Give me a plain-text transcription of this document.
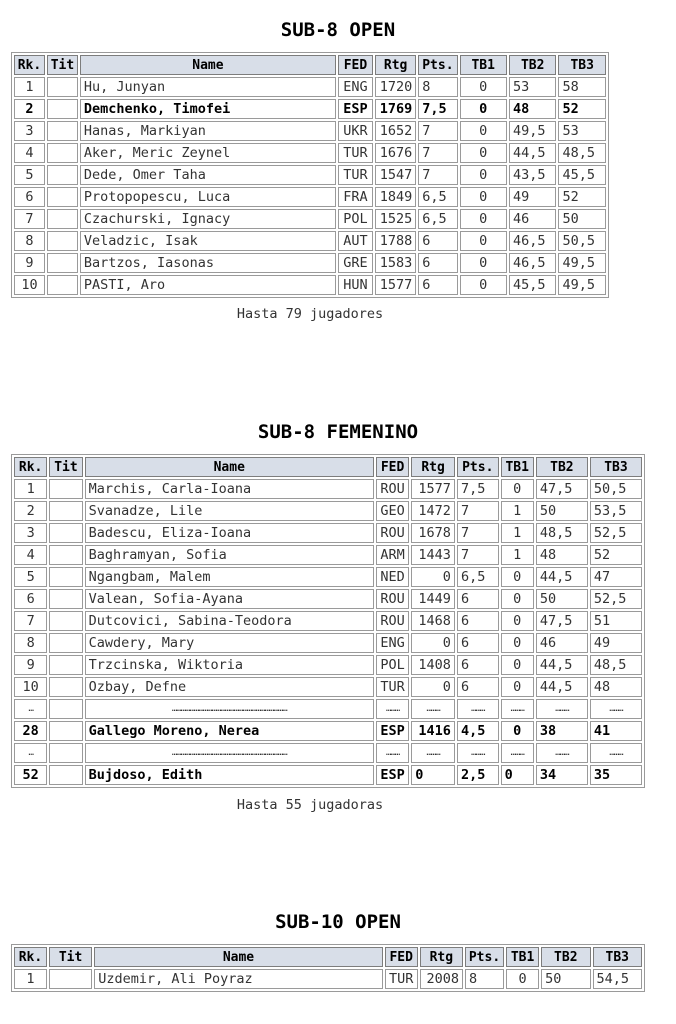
SUB-8 OPEN
Rk.	Tit	Name	FED	Rtg	Pts.	TB1	TB2	TB3
1		Hu, Junyan	ENG	1720	8	0	53	58
2		Demchenko, Timofei	ESP	1769	7,5	0	48	52
3		Hanas, Markiyan	UKR	1652	7	0	49,5	53
4		Aker, Meric Zeynel	TUR	1676	7	0	44,5	48,5
5		Dede, Omer Taha	TUR	1547	7	0	43,5	45,5
6		Protopopescu, Luca	FRA	1849	6,5	0	49	52
7		Czachurski, Ignacy	POL	1525	6,5	0	46	50
8		Veladzic, Isak	AUT	1788	6	0	46,5	50,5
9		Bartzos, Iasonas	GRE	1583	6	0	46,5	49,5
10		PASTI, Aro	HUN	1577	6	0	45,5	49,5
Hasta 79 jugadores
SUB-8 FEMENINO
Rk.	Tit	Name	FED	Rtg	Pts.	TB1	TB2	TB3
1		Marchis, Carla-Ioana	ROU	1577	7,5	0	47,5	50,5
2		Svanadze, Lile	GEO	1472	7	1	50	53,5
3		Badescu, Eliza-Ioana	ROU	1678	7	1	48,5	52,5
4		Baghramyan, Sofia	ARM	1443	7	1	48	52
5		Ngangbam, Malem	NED	0	6,5	0	44,5	47
6		Valean, Sofia-Ayana	ROU	1449	6	0	50	52,5
7		Dutcovici, Sabina-Teodora	ROU	1468	6	0	47,5	51
8		Cawdery, Mary	ENG	0	6	0	46	49
9		Trzcinska, Wiktoria	POL	1408	6	0	44,5	48,5
10		Ozbay, Defne	TUR	0	6	0	44,5	48
…		……………………………………………………………………	………	………	………	………	………	………
28		Gallego Moreno, Nerea	ESP	1416	4,5	0	38	41
…		……………………………………………………………………	………	………	………	………	………	………
52		Bujdoso, Edith	ESP	0	2,5	0	34	35
Hasta 55 jugadoras
SUB-10 OPEN
Rk.	Tit	Name	FED	Rtg	Pts.	TB1	TB2	TB3
1		Uzdemir, Ali Poyraz	TUR	2008	8	0	50	54,5
